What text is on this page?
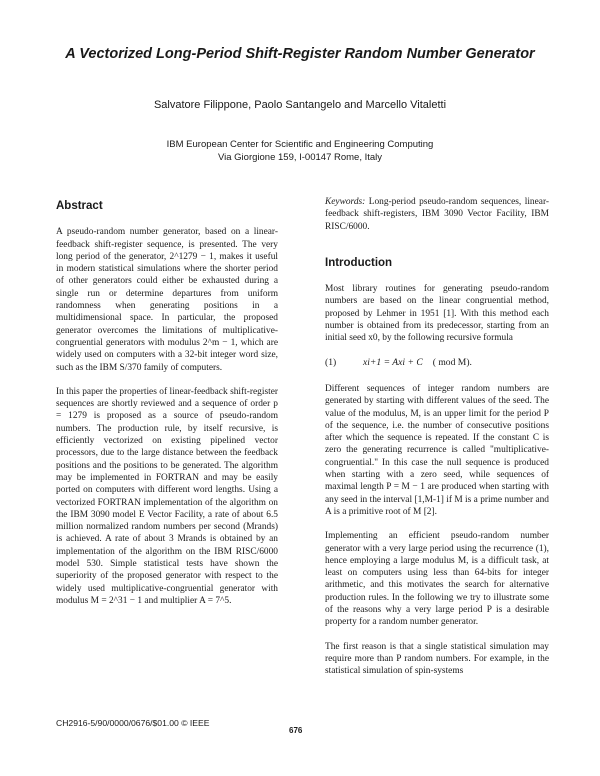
A Vectorized Long-Period Shift-Register Random Number Generator
Salvatore Filippone, Paolo Santangelo and Marcello Vitaletti
IBM European Center for Scientific and Engineering Computing
Via Giorgione 159, I-00147 Rome, Italy
Abstract

A pseudo-random number generator, based on a linear-feedback shift-register sequence, is presented. The very long period of the generator, 2^1279 − 1, makes it useful in modern statistical simulations where the shorter period of other generators could either be exhausted during a single run or determine departures from uniform randomness when generating positions in a multidimensional space. In particular, the proposed generator overcomes the limitations of multiplicative-congruential generators with modulus 2^m − 1, which are widely used on computers with a 32-bit integer word size, such as the IBM S/370 family of computers.

In this paper the properties of linear-feedback shift-register sequences are shortly reviewed and a sequence of order p = 1279 is proposed as a source of pseudo-random numbers. The production rule, by itself recursive, is efficiently vectorized on existing pipelined vector processors, due to the large distance between the feedback positions and the positions to be generated. The algorithm may be implemented in FORTRAN and may be easily ported on computers with different word lengths. Using a vectorized FORTRAN implementation of the algorithm on the IBM 3090 model E Vector Facility, a rate of about 6.5 million normalized random numbers per second (Mrands) is achieved. A rate of about 3 Mrands is obtained by an implementation of the algorithm on the IBM RISC/6000 model 530. Simple statistical tests have shown the superiority of the proposed generator with respect to the widely used multiplicative-congruential generator with modulus M = 2^31 − 1 and multiplier A = 7^5.

Keywords: Long-period pseudo-random sequences, linear-feedback shift-registers, IBM 3090 Vector Facility, IBM RISC/6000.

Introduction

Most library routines for generating pseudo-random numbers are based on the linear congruential method, proposed by Lehmer in 1951 [1]. With this method each number is obtained from its predecessor, starting from an initial seed x0, by the following recursive formula

(1)	xi+1 = Axi + C ( mod M).

Different sequences of integer random numbers are generated by starting with different values of the seed. The value of the modulus, M, is an upper limit for the period P of the sequence, i.e. the number of consecutive positions after which the sequence is repeated. If the constant C is zero the generating recurrence is called "multiplicative-congruential." In this case the null sequence is produced when starting with a zero seed, while sequences of maximal length P = M − 1 are produced when starting with any seed in the interval [1,M-1] if M is a prime number and A is a primitive root of M [2].

Implementing an efficient pseudo-random number generator with a very large period using the recurrence (1), hence employing a large modulus M, is a difficult task, at least on computers using less than 64-bits for integer arithmetic, and this motivates the search for alternative production rules. In the following we try to illustrate some of the reasons why a very large period P is a desirable property for a random number generator.

The first reason is that a single statistical simulation may require more than P random numbers. For example, in the statistical simulation of spin-systems

CH2916-5/90/0000/0676/$01.00 © IEEE
676
